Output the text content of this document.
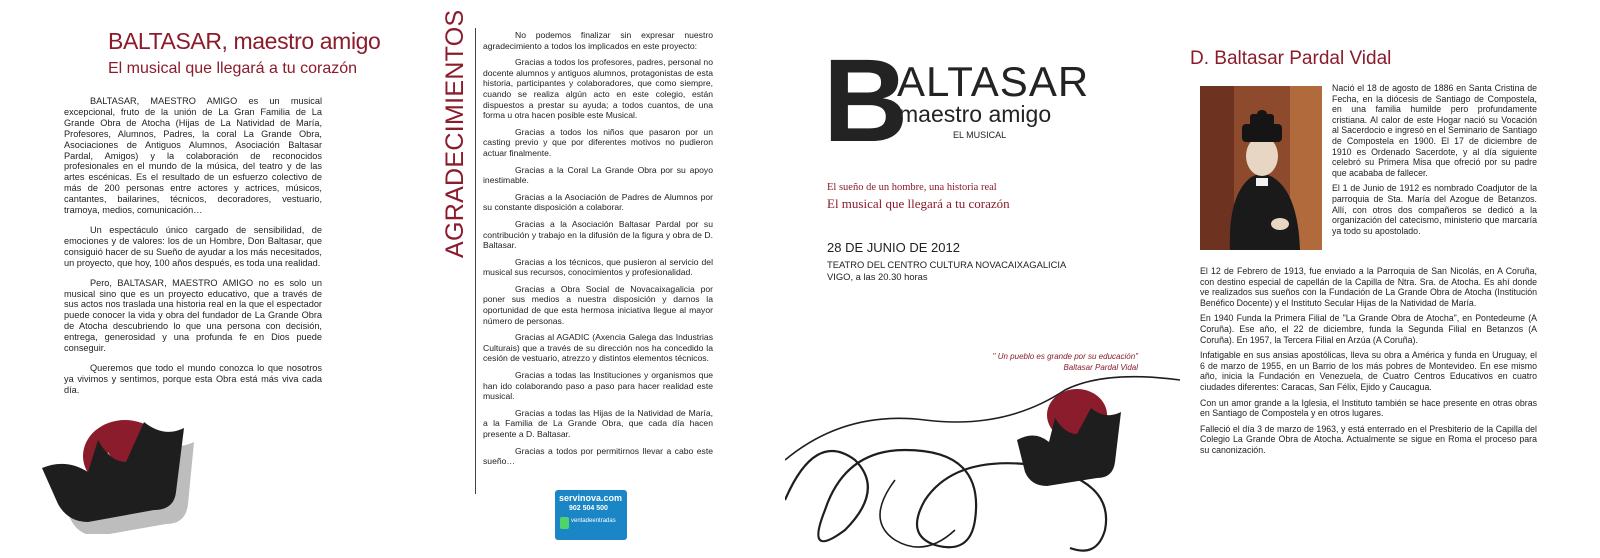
BALTASAR, maestro amigo
El musical que llegará a tu corazón

BALTASAR, MAESTRO AMIGO es un musical excepcional, fruto de la unión de La Gran Familia de La Grande Obra de Atocha (Hijas de La Natividad de María, Profesores, Alumnos, Padres, la coral La Grande Obra, Asociaciones de Antiguos Alumnos, Asociación Baltasar Pardal, Amigos) y la colaboración de reconocidos profesionales en el mundo de la música, del teatro y de las artes escénicas. Es el resultado de un esfuerzo colectivo de más de 200 personas entre actores y actrices, músicos, cantantes, bailarines, técnicos, decoradores, vestuario, tramoya, medios, comunicación…

Un espectáculo único cargado de sensibilidad, de emociones y de valores: los de un Hombre, Don Baltasar, que consiguió hacer de su Sueño de ayudar a los más necesitados, un proyecto, que hoy, 100 años después, es toda una realidad.

Pero, BALTASAR, MAESTRO AMIGO no es solo un musical sino que es un proyecto educativo, que a través de sus actos nos traslada una historia real en la que el espectador puede conocer la vida y obra del fundador de La Grande Obra de Atocha descubriendo lo que una persona con decisión, entrega, generosidad y una profunda fe en Dios puede conseguir.

Queremos que todo el mundo conozca lo que nosotros ya vivimos y sentimos, porque esta Obra está más viva cada día.

AGRADECIMIENTOS	No podemos finalizar sin expresar nuestro agradecimiento a todos los implicados en este proyecto:

Gracias a todos los profesores, padres, personal no docente alumnos y antiguos alumnos, protagonistas de esta historia, participantes y colaboradores, que como siempre, cuando se realiza algún acto en este colegio, están dispuestos a prestar su ayuda; a todos cuantos, de una forma u otra hacen posible este Musical.

Gracias a todos los niños que pasaron por un casting previo y que por diferentes motivos no pudieron actuar finalmente.

Gracias a la Coral La Grande Obra por su apoyo inestimable.

Gracias a la Asociación de Padres de Alumnos por su constante disposición a colaborar.

Gracias a la Asociación Baltasar Pardal por su contribución y trabajo en la difusión de la figura y obra de D. Baltasar.

Gracias a los técnicos, que pusieron al servicio del musical sus recursos, conocimientos y profesionalidad.

Gracias a Obra Social de Novacaixagalicia por poner sus medios a nuestra disposición y darnos la oportunidad de que esta hermosa iniciativa llegue al mayor número de personas.

Gracias al AGADIC (Axencia Galega das Industrias Culturais) que a través de su dirección nos ha concedido la cesión de vestuario, atrezzo y distintos elementos técnicos.

Gracias a todas las Instituciones y organismos que han ido colaborando paso a paso para hacer realidad este musical.

Gracias a todas las Hijas de la Natividad de María, a la Familia de La Grande Obra, que cada día hacen presente a D. Baltasar.

Gracias a todos por permitirnos llevar a cabo este sueño…

servinova.com
902 504 500
ventadeentradas
B
ALTASAR
maestro amigo
EL MUSICAL
El sueño de un hombre, una historia real
El musical que llegará a tu corazón
28 DE JUNIO DE 2012
TEATRO DEL CENTRO CULTURA NOVACAIXAGALICIA
VIGO, a las 20.30 horas
" Un pueblo es grande por su educación"
Baltasar Pardal Vidal
D. Baltasar Pardal Vidal

Nació el 18 de agosto de 1886 en Santa Cristina de Fecha, en la diócesis de Santiago de Compostela, en una familia humilde pero profundamente cristiana. Al calor de este Hogar nació su Vocación al Sacerdocio e ingresó en el Seminario de Santiago de Compostela en 1900. El 17 de diciembre de 1910 es Ordenado Sacerdote, y al día siguiente celebró su Primera Misa que ofreció por su padre que acababa de fallecer.

El 1 de Junio de 1912 es nombrado Coadjutor de la parroquia de Sta. María del Azogue de Betanzos. Allí, con otros dos compañeros se dedicó a la organización del catecismo, ministerio que marcaría ya todo su apostolado.

El 12 de Febrero de 1913, fue enviado a la Parroquia de San Nicolás, en A Coruña, con destino especial de capellán de la Capilla de Ntra. Sra. de Atocha. Es ahí donde ve realizados sus sueños con la Fundación de La Grande Obra de Atocha (Institución Benéfico Docente) y el Instituto Secular Hijas de la Natividad de María.

En 1940 Funda la Primera Filial de "La Grande Obra de Atocha", en Pontedeume (A Coruña). Ese año, el 22 de diciembre, funda la Segunda Filial en Betanzos (A Coruña). En 1957, la Tercera Filial en Arzúa (A Coruña).

Infatigable en sus ansias apostólicas, lleva su obra a América y funda en Uruguay, el 6 de marzo de 1955, en un Barrio de los más pobres de Montevideo. En ese mismo año, inicia la Fundación en Venezuela, de Cuatro Centros Educativos en cuatro ciudades diferentes: Caracas, San Félix, Ejido y Caucagua.

Con un amor grande a la Iglesia, el Instituto también se hace presente en otras obras en Santiago de Compostela y en otros lugares.

Falleció el día 3 de marzo de 1963, y está enterrado en el Presbiterio de la Capilla del Colegio La Grande Obra de Atocha. Actualmente se sigue en Roma el proceso para su canonización.
